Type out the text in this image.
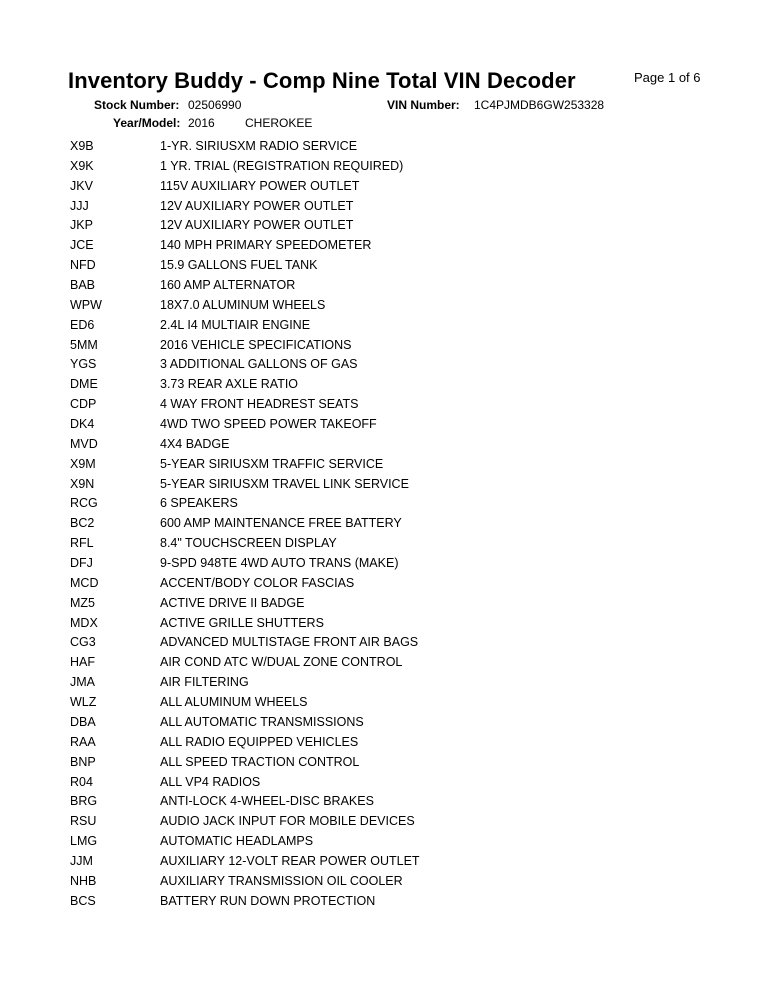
Inventory Buddy - Comp Nine Total VIN Decoder	Page 1 of 6
Stock Number: 02506990	VIN Number: 1C4PJMDB6GW253328
Year/Model: 2016	CHEROKEE
X9B	1-YR. SIRIUSXM RADIO SERVICE
X9K	1 YR. TRIAL (REGISTRATION REQUIRED)
JKV	115V AUXILIARY POWER OUTLET
JJJ	12V AUXILIARY POWER OUTLET
JKP	12V AUXILIARY POWER OUTLET
JCE	140 MPH PRIMARY SPEEDOMETER
NFD	15.9 GALLONS FUEL TANK
BAB	160 AMP ALTERNATOR
WPW	18X7.0 ALUMINUM WHEELS
ED6	2.4L I4 MULTIAIR ENGINE
5MM	2016 VEHICLE SPECIFICATIONS
YGS	3 ADDITIONAL GALLONS OF GAS
DME	3.73 REAR AXLE RATIO
CDP	4 WAY FRONT HEADREST SEATS
DK4	4WD TWO SPEED POWER TAKEOFF
MVD	4X4 BADGE
X9M	5-YEAR SIRIUSXM TRAFFIC SERVICE
X9N	5-YEAR SIRIUSXM TRAVEL LINK SERVICE
RCG	6 SPEAKERS
BC2	600 AMP MAINTENANCE FREE BATTERY
RFL	8.4" TOUCHSCREEN DISPLAY
DFJ	9-SPD 948TE 4WD AUTO TRANS (MAKE)
MCD	ACCENT/BODY COLOR FASCIAS
MZ5	ACTIVE DRIVE II BADGE
MDX	ACTIVE GRILLE SHUTTERS
CG3	ADVANCED MULTISTAGE FRONT AIR BAGS
HAF	AIR COND ATC W/DUAL ZONE CONTROL
JMA	AIR FILTERING
WLZ	ALL ALUMINUM WHEELS
DBA	ALL AUTOMATIC TRANSMISSIONS
RAA	ALL RADIO EQUIPPED VEHICLES
BNP	ALL SPEED TRACTION CONTROL
R04	ALL VP4 RADIOS
BRG	ANTI-LOCK 4-WHEEL-DISC BRAKES
RSU	AUDIO JACK INPUT FOR MOBILE DEVICES
LMG	AUTOMATIC HEADLAMPS
JJM	AUXILIARY 12-VOLT REAR POWER OUTLET
NHB	AUXILIARY TRANSMISSION OIL COOLER
BCS	BATTERY RUN DOWN PROTECTION
